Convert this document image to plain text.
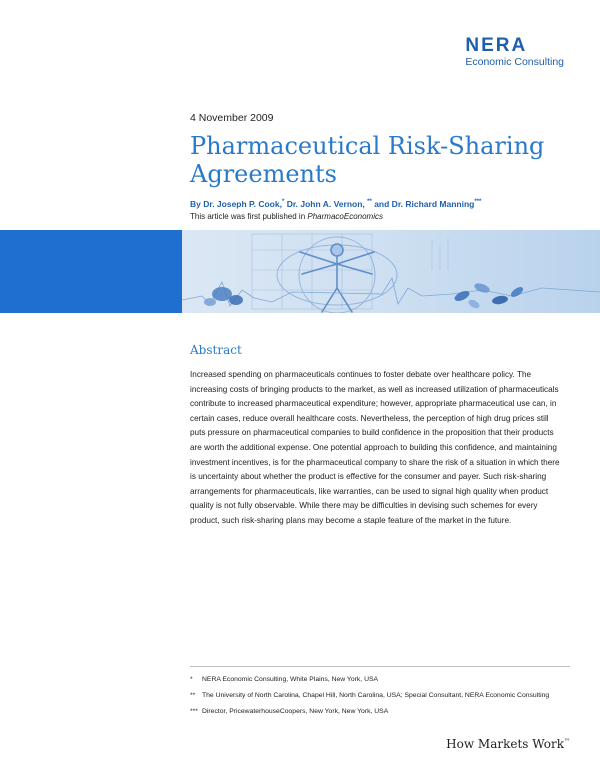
NERA
Economic Consulting
4 November 2009
Pharmaceutical Risk-Sharing Agreements
By Dr. Joseph P. Cook,* Dr. John A. Vernon, ** and Dr. Richard Manning***
This article was first published in PharmacoEconomics
Abstract

Increased spending on pharmaceuticals continues to foster debate over healthcare policy. The increasing costs of bringing products to the market, as well as increased utilization of pharmaceuticals contribute to increased pharmaceutical expenditure; however, appropriate pharmaceutical use can, in certain cases, reduce overall healthcare costs. Nevertheless, the perception of high drug prices still puts pressure on pharmaceutical companies to build confidence in the proposition that their products are worth the additional expense. One potential approach to building this confidence, and maintaining investment incentives, is for the pharmaceutical company to share the risk of a situation in which there is uncertainty about whether the product is effective for the consumer and payer. Such risk-sharing arrangements for pharmaceuticals, like warranties, can be used to signal high quality when product quality is not fully observable. While there may be difficulties in devising such schemes for every product, such risk-sharing plans may become a staple feature of the market in the future.

* NERA Economic Consulting, White Plains, New York, USA
** The University of North Carolina, Chapel Hill, North Carolina, USA; Special Consultant, NERA Economic Consulting
*** Director, PricewaterhouseCoopers, New York, New York, USA
How Markets Work™
